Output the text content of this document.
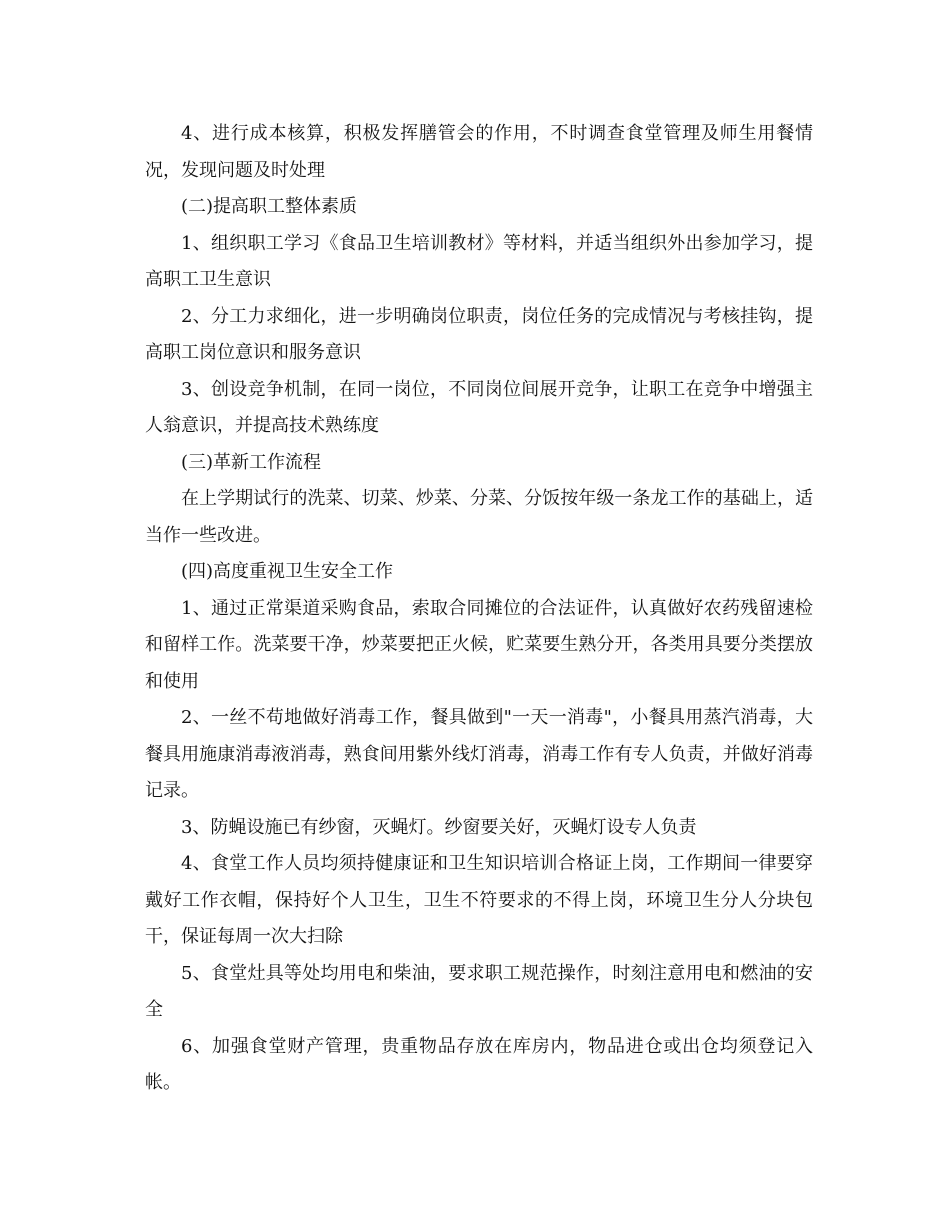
4、进行成本核算，积极发挥膳管会的作用，不时调查食堂管理及师生用餐情况，发现问题及时处理

(二)提高职工整体素质

1、组织职工学习《食品卫生培训教材》等材料，并适当组织外出参加学习，提高职工卫生意识

2、分工力求细化，进一步明确岗位职责，岗位任务的完成情况与考核挂钩，提高职工岗位意识和服务意识

3、创设竞争机制，在同一岗位，不同岗位间展开竞争，让职工在竞争中增强主人翁意识，并提高技术熟练度

(三)革新工作流程

在上学期试行的洗菜、切菜、炒菜、分菜、分饭按年级一条龙工作的基础上，适当作一些改进。

(四)高度重视卫生安全工作

1、通过正常渠道采购食品，索取合同摊位的合法证件，认真做好农药残留速检和留样工作。洗菜要干净，炒菜要把正火候，贮菜要生熟分开，各类用具要分类摆放和使用

2、一丝不苟地做好消毒工作，餐具做到"一天一消毒"，小餐具用蒸汽消毒，大餐具用施康消毒液消毒，熟食间用紫外线灯消毒，消毒工作有专人负责，并做好消毒记录。

3、防蝇设施已有纱窗，灭蝇灯。纱窗要关好，灭蝇灯设专人负责

4、食堂工作人员均须持健康证和卫生知识培训合格证上岗，工作期间一律要穿戴好工作衣帽，保持好个人卫生，卫生不符要求的不得上岗，环境卫生分人分块包干，保证每周一次大扫除

5、食堂灶具等处均用电和柴油，要求职工规范操作，时刻注意用电和燃油的安全

6、加强食堂财产管理，贵重物品存放在库房内，物品进仓或出仓均须登记入帐。
